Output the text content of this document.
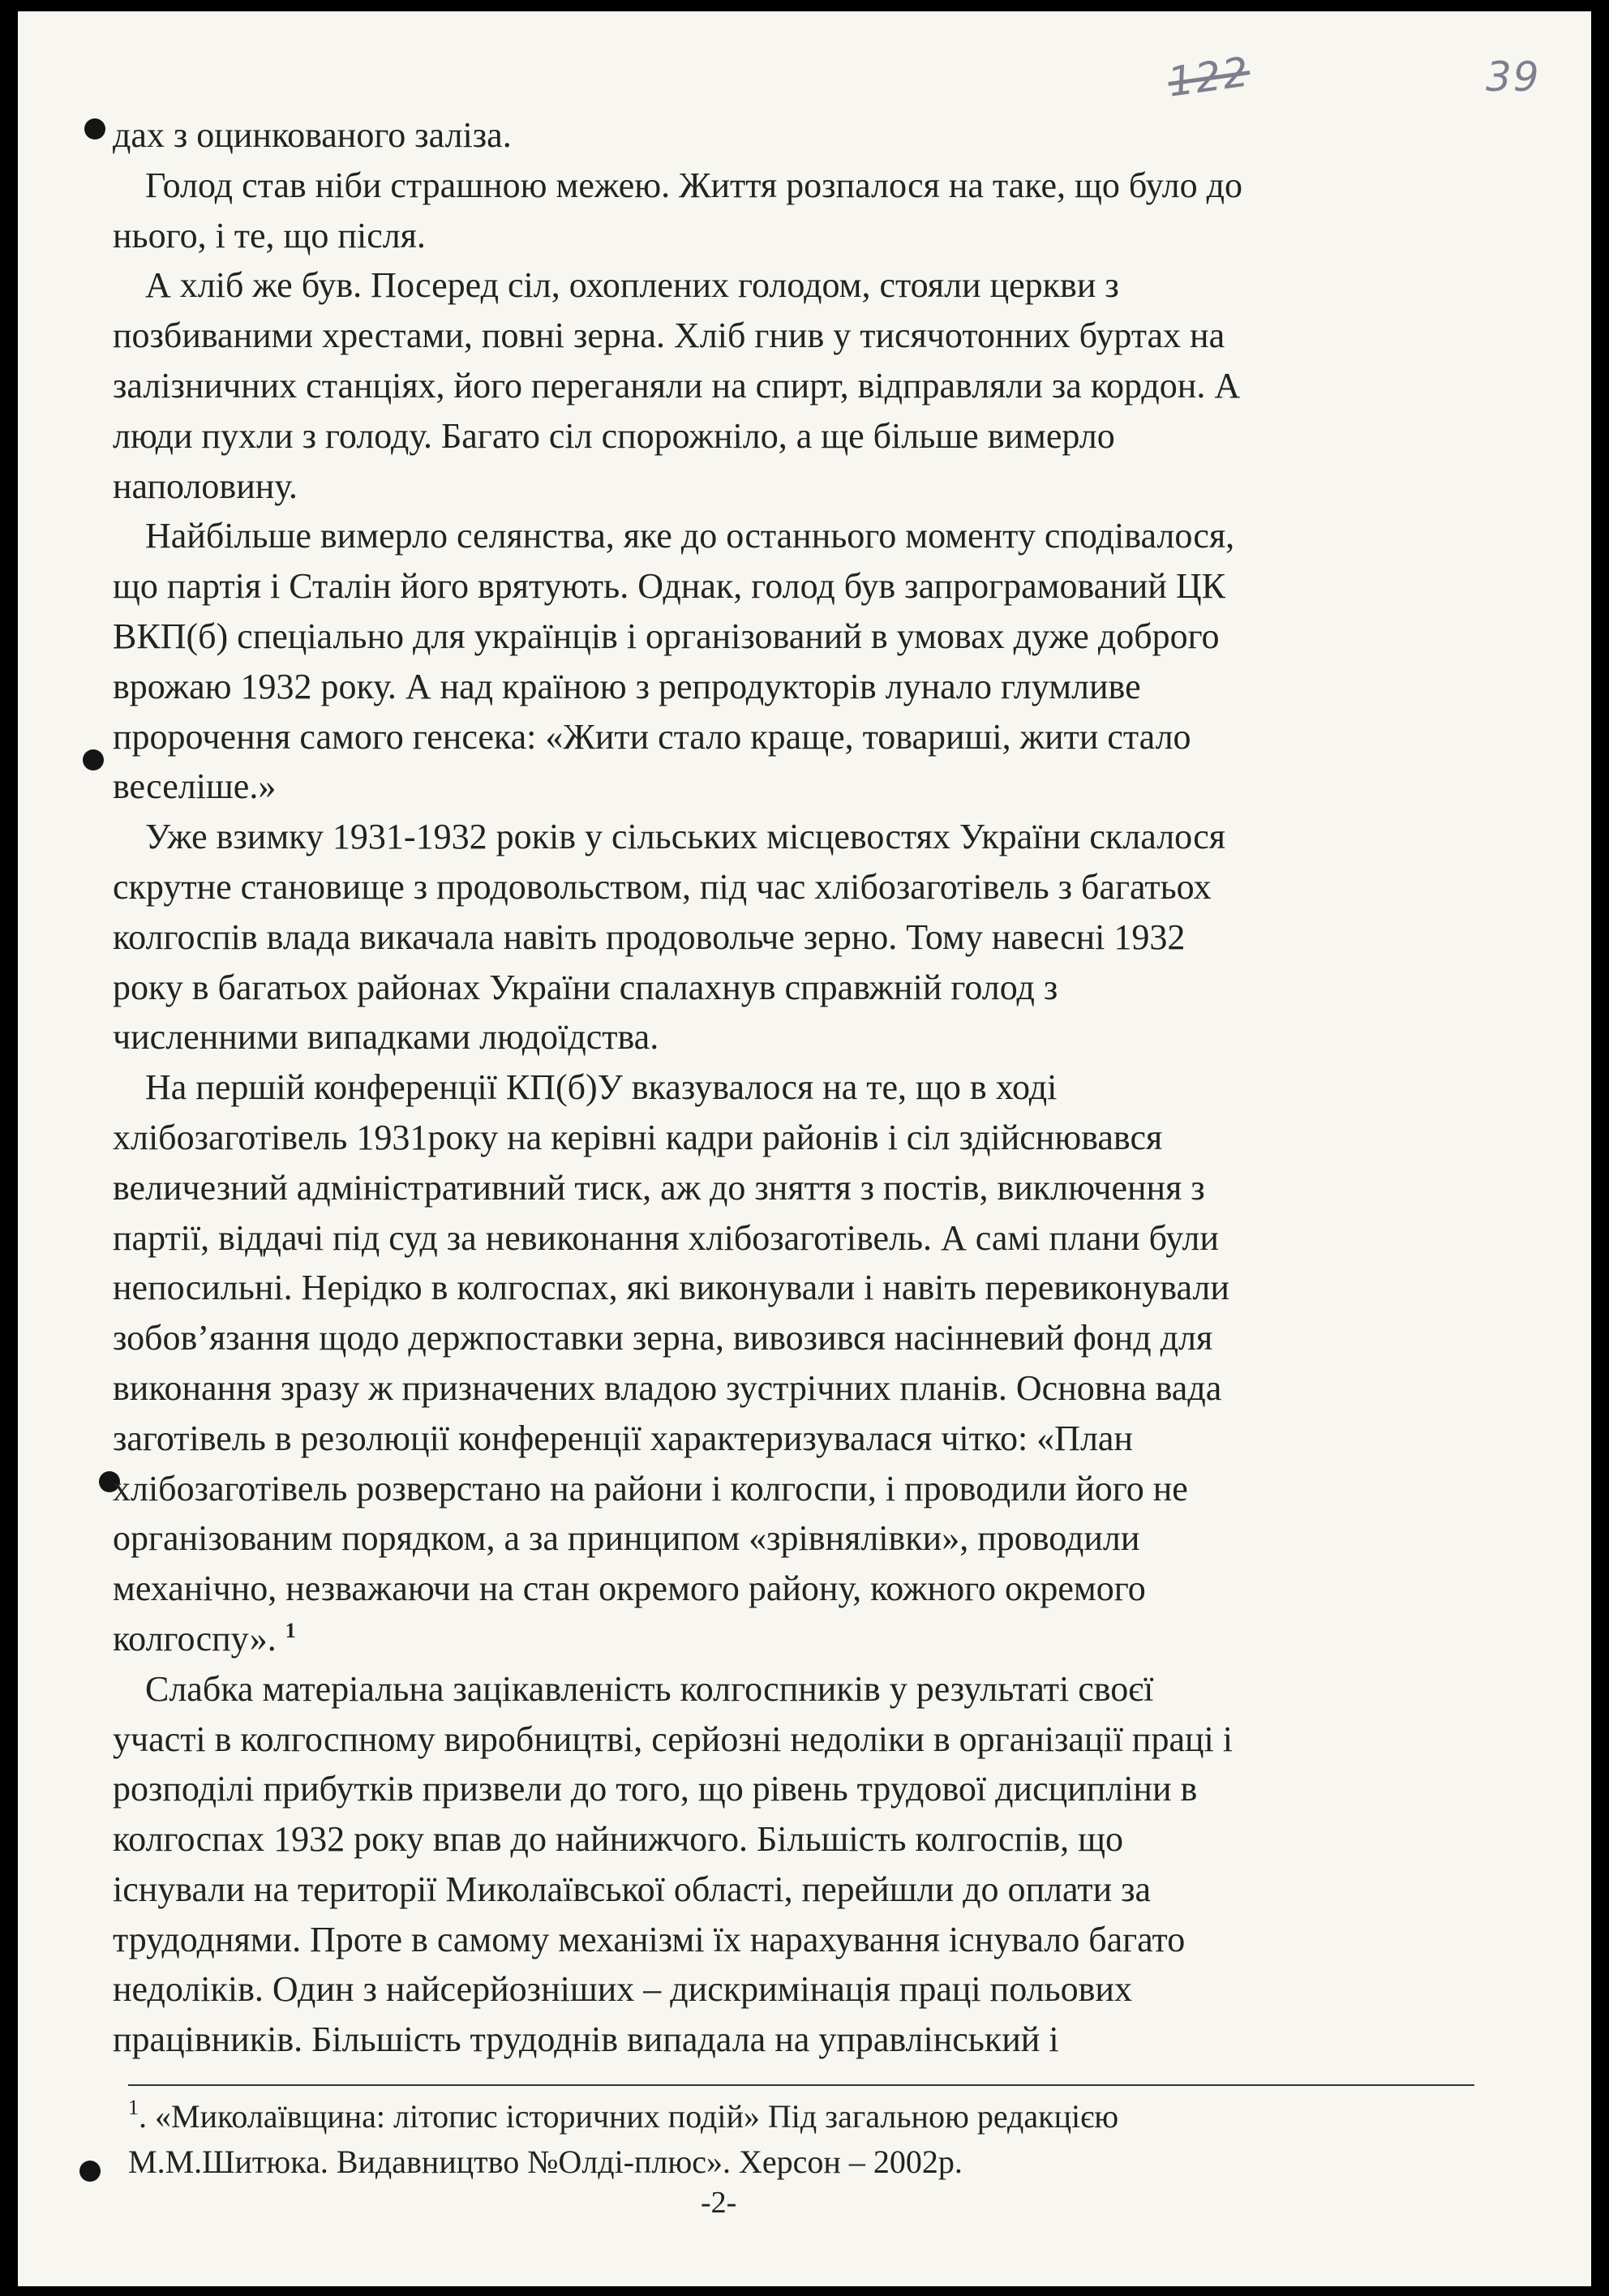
122	39
дах з оцинкованого заліза.
Голод став ніби страшною межею. Життя розпалося на таке, що було до
нього, і те, що після.
А хліб же був. Посеред сіл, охоплених голодом, стояли церкви з
позбиваними хрестами, повні зерна. Хліб гнив у тисячотонних буртах на
залізничних станціях, його переганяли на спирт, відправляли за кордон. А
люди пухли з голоду. Багато сіл спорожніло, а ще більше вимерло
наполовину.
Найбільше вимерло селянства, яке до останнього моменту сподівалося,
що партія і Сталін його врятують. Однак, голод був запрограмований ЦК
ВКП(б) спеціально для українців і організований в умовах дуже доброго
врожаю 1932 року. А над країною з репродукторів лунало глумливе
пророчення самого генсека: «Жити стало краще, товариші, жити стало
веселіше.»
Уже взимку 1931-1932 років у сільських місцевостях України склалося
скрутне становище з продовольством, під час хлібозаготівель з багатьох
колгоспів влада викачала навіть продовольче зерно. Тому навесні 1932
року в багатьох районах України спалахнув справжній голод з
численними випадками людоїдства.
На першій конференції КП(б)У вказувалося на те, що в ході
хлібозаготівель 1931року на керівні кадри районів і сіл здійснювався
величезний адміністративний тиск, аж до зняття з постів, виключення з
партії, віддачі під суд за невиконання хлібозаготівель. А самі плани були
непосильні. Нерідко в колгоспах, які виконували і навіть перевиконували
зобов’язання щодо держпоставки зерна, вивозився насінневий фонд для
виконання зразу ж призначених владою зустрічних планів. Основна вада
заготівель в резолюції конференції характеризувалася чітко: «План
хлібозаготівель розверстано на райони і колгоспи, і проводили його не
організованим порядком, а за принципом «зрівнялівки», проводили
механічно, незважаючи на стан окремого району, кожного окремого
колгоспу». $^1$
Слабка матеріальна зацікавленість колгоспників у результаті своєї
участі в колгоспному виробництві, серйозні недоліки в організації праці і
розподілі прибутків призвели до того, що рівень трудової дисципліни в
колгоспах 1932 року впав до найнижчого. Більшість колгоспів, що
існували на території Миколаївської області, перейшли до оплати за
трудоднями. Проте в самому механізмі їх нарахування існувало багато
недоліків. Один з найсерйозніших – дискримінація праці польових
працівників. Більшість трудоднів випадала на управлінський і
$^1$. «Миколаївщина: літопис історичних подій» Під загальною редакцією
М.М.Шитюка. Видавництво №Олді-плюс». Херсон – 2002р.
-2-
